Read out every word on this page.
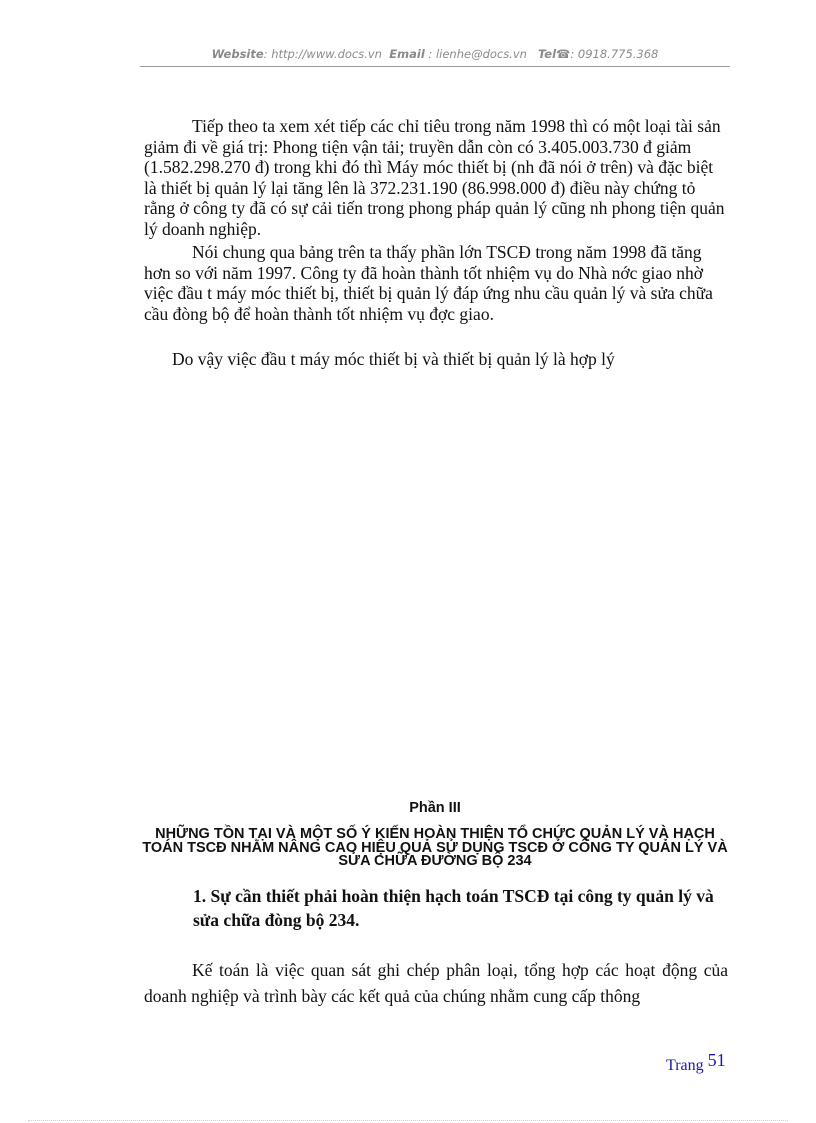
Website: http://www.docs.vn Email : lienhe@docs.vn Tel☎: 0918.775.368

Tiếp theo ta xem xét tiếp các chỉ tiêu trong năm 1998 thì có một loại tài sản giảm đi về giá trị: Phong tiện vận tải; truyền dẫn còn có 3.405.003.730 đ giảm (1.582.298.270 đ) trong khi đó thì Máy móc thiết bị (nh đã nói ở trên) và đặc biệt là thiết bị quản lý lại tăng lên là 372.231.190 (86.998.000 đ) điều này chứng tỏ rằng ở công ty đã có sự cải tiến trong phong pháp quản lý cũng nh phong tiện quản lý doanh nghiệp.

Nói chung qua bảng trên ta thấy phần lớn TSCĐ trong năm 1998 đã tăng hơn so với năm 1997. Công ty đã hoàn thành tốt nhiệm vụ do Nhà nớc giao nhờ việc đầu t máy móc thiết bị, thiết bị quản lý đáp ứng nhu cầu quản lý và sửa chữa cầu đòng bộ để hoàn thành tốt nhiệm vụ đợc giao.

Do vậy việc đầu t máy móc thiết bị và thiết bị quản lý là hợp lý

Phần III
NHỮNG TỒN TẠI VÀ MỘT SỐ Ý KIẾN HOÀN THIỆN TỔ CHỨC QUẢN LÝ VÀ HẠCH TOÁN TSCĐ NHẰM NÂNG CAO HIỆU QUẢ SỬ DỤNG TSCĐ Ở CÔNG TY QUẢN LÝ VÀ SỬA CHỮA ĐƯỜNG BỘ 234

1. Sự cần thiết phải hoàn thiện hạch toán TSCĐ tại công ty quản lý và sửa chữa đòng bộ 234.

Kế toán là việc quan sát ghi chép phân loại, tổng hợp các hoạt động của doanh nghiệp và trình bày các kết quả của chúng nhằm cung cấp thông

Trang 51
